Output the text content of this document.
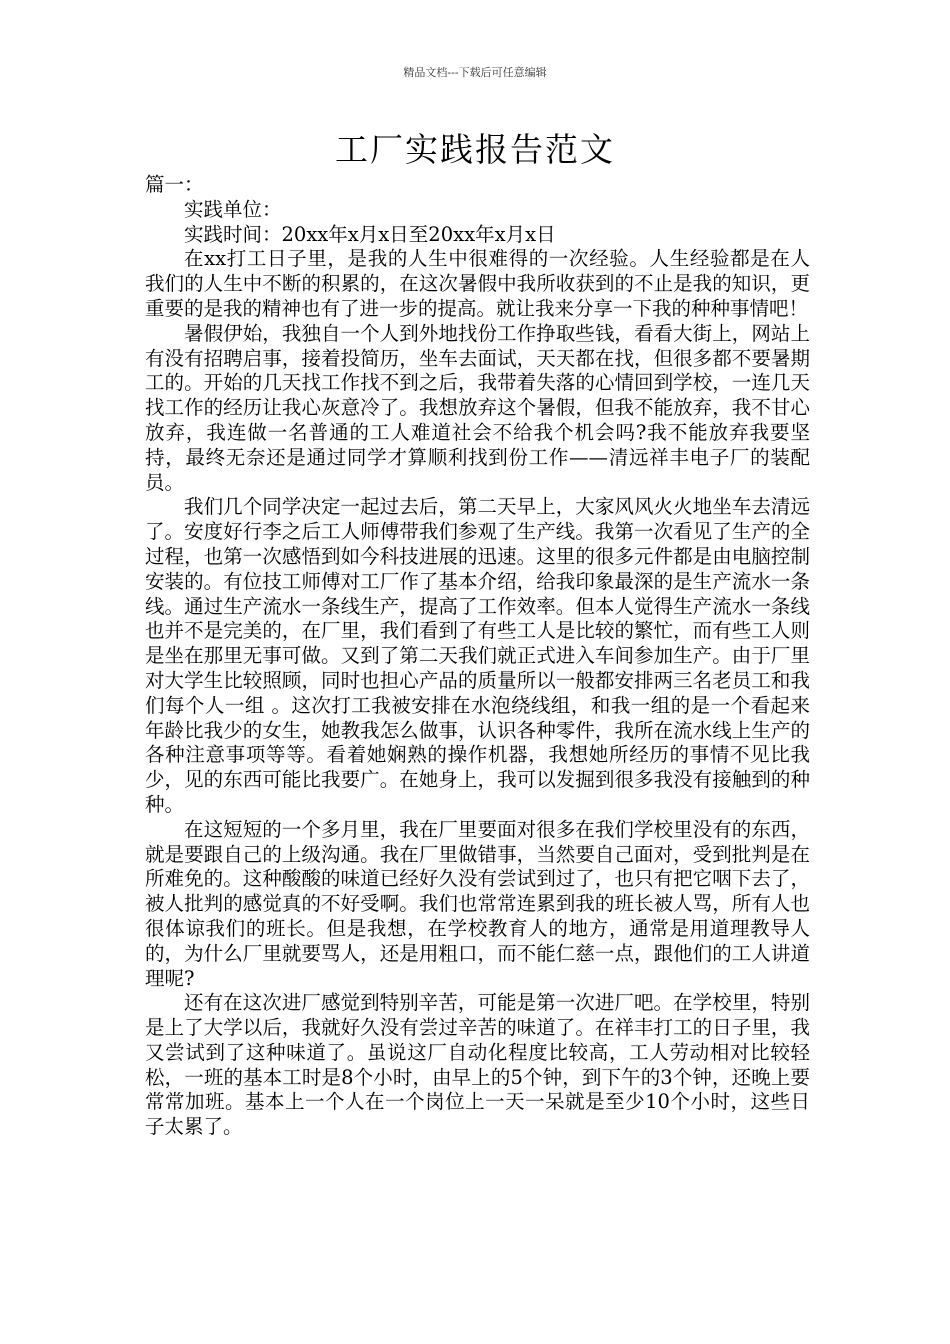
精品文档---下载后可任意编辑
工厂实践报告范文

篇一：

实践单位：

实践时间：20xx年x月x日至20xx年x月x日

在xx打工日子里，是我的人生中很难得的一次经验。人生经验都是在人我们的人生中不断的积累的，在这次暑假中我所收获到的不止是我的知识，更重要的是我的精神也有了进一步的提高。就让我来分享一下我的种种事情吧！

暑假伊始，我独自一个人到外地找份工作挣取些钱，看看大街上，网站上有没有招聘启事，接着投简历，坐车去面试，天天都在找，但很多都不要暑期工的。开始的几天找工作找不到之后，我带着失落的心情回到学校，一连几天找工作的经历让我心灰意冷了。我想放弃这个暑假，但我不能放弃，我不甘心放弃，我连做一名普通的工人难道社会不给我个机会吗?我不能放弃我要坚持，最终无奈还是通过同学才算顺利找到份工作——清远祥丰电子厂的装配员。

我们几个同学决定一起过去后，第二天早上，大家风风火火地坐车去清远了。安度好行李之后工人师傅带我们参观了生产线。我第一次看见了生产的全过程，也第一次感悟到如今科技进展的迅速。这里的很多元件都是由电脑控制安装的。有位技工师傅对工厂作了基本介绍，给我印象最深的是生产流水一条线。通过生产流水一条线生产，提高了工作效率。但本人觉得生产流水一条线也并不是完美的，在厂里，我们看到了有些工人是比较的繁忙，而有些工人则是坐在那里无事可做。又到了第二天我们就正式进入车间参加生产。由于厂里对大学生比较照顾，同时也担心产品的质量所以一般都安排两三名老员工和我们每个人一组 。这次打工我被安排在水泡绕线组，和我一组的是一个看起来年龄比我少的女生，她教我怎么做事，认识各种零件，我所在流水线上生产的各种注意事项等等。看着她娴熟的操作机器，我想她所经历的事情不见比我少，见的东西可能比我要广。在她身上，我可以发掘到很多我没有接触到的种种。

在这短短的一个多月里，我在厂里要面对很多在我们学校里没有的东西，就是要跟自己的上级沟通。我在厂里做错事，当然要自己面对，受到批判是在所难免的。这种酸酸的味道已经好久没有尝试到过了，也只有把它咽下去了，被人批判的感觉真的不好受啊。我们也常常连累到我的班长被人骂，所有人也很体谅我们的班长。但是我想，在学校教育人的地方，通常是用道理教导人的，为什么厂里就要骂人，还是用粗口，而不能仁慈一点，跟他们的工人讲道理呢?

还有在这次进厂感觉到特别辛苦，可能是第一次进厂吧。在学校里，特别是上了大学以后，我就好久没有尝过辛苦的味道了。在祥丰打工的日子里，我又尝试到了这种味道了。虽说这厂自动化程度比较高，工人劳动相对比较轻松，一班的基本工时是8个小时，由早上的5个钟，到下午的3个钟，还晚上要常常加班。基本上一个人在一个岗位上一天一呆就是至少10个小时，这些日子太累了。
